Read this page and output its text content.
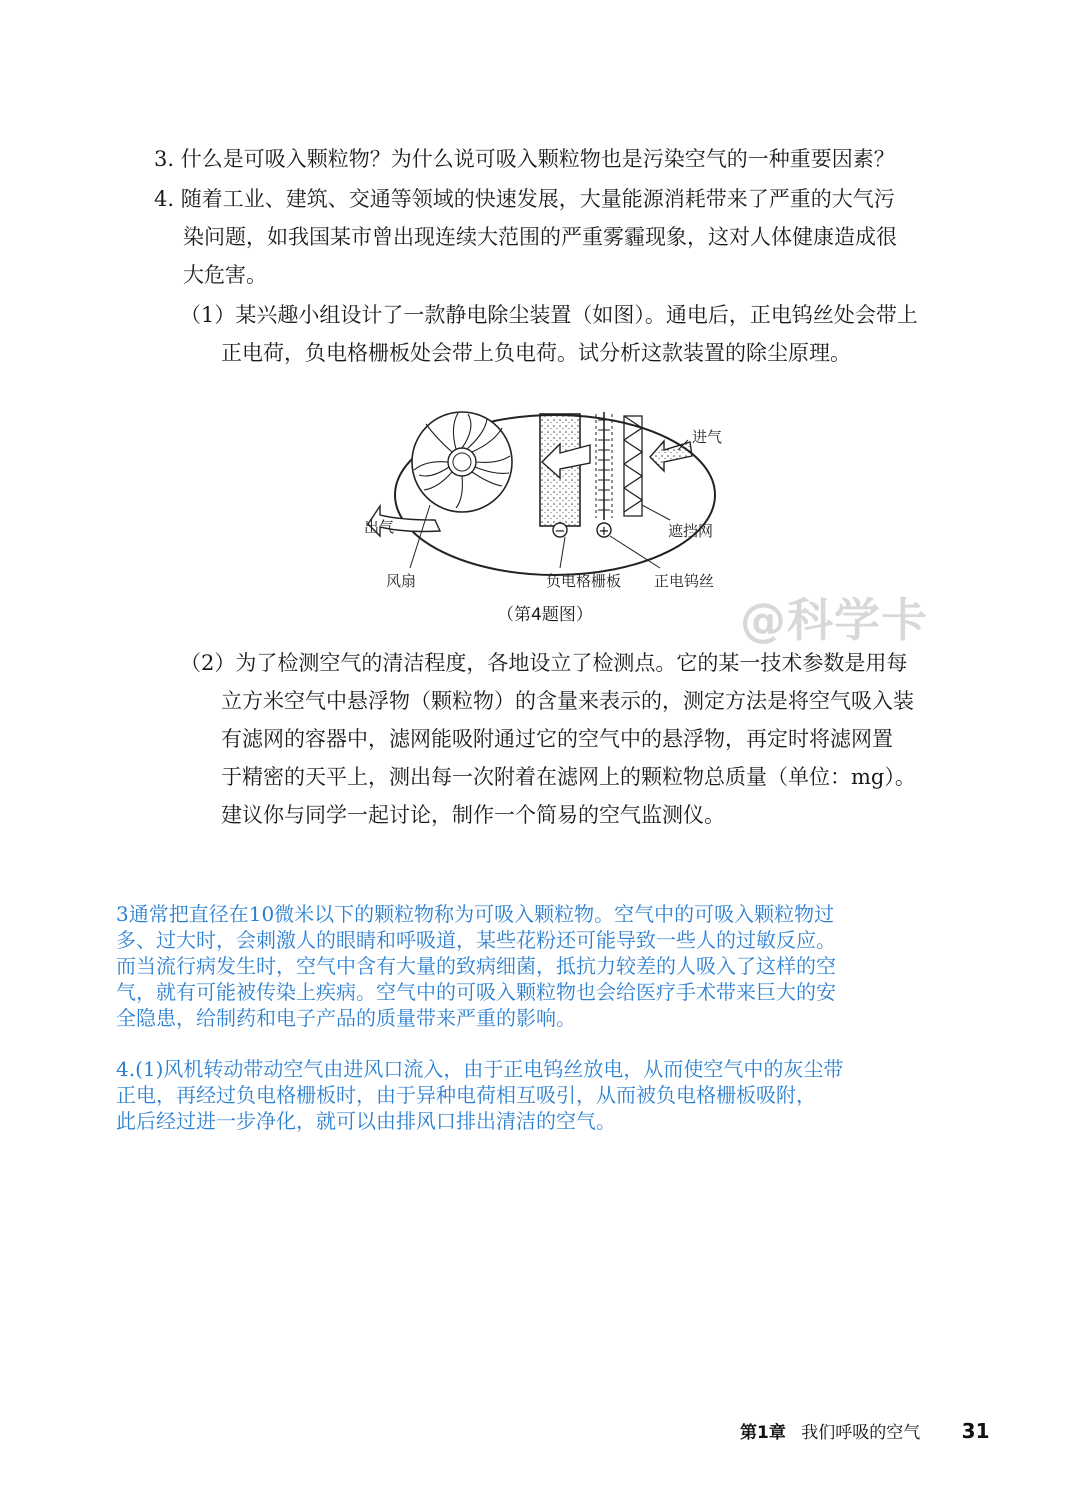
3. 什么是可吸入颗粒物？为什么说可吸入颗粒物也是污染空气的一种重要因素？
4. 随着工业、建筑、交通等领域的快速发展，大量能源消耗带来了严重的大气污
染问题，如我国某市曾出现连续大范围的严重雾霾现象，这对人体健康造成很
大危害。
（1）某兴趣小组设计了一款静电除尘装置（如图）。通电后，正电钨丝处会带上
正电荷，负电格栅板处会带上负电荷。试分析这款装置的除尘原理。
−	+
进气
出气	遮挡网
风扇	负电格栅板 正电钨丝
（第4题图）	@科学卡
（2）为了检测空气的清洁程度，各地设立了检测点。它的某一技术参数是用每
立方米空气中悬浮物（颗粒物）的含量来表示的，测定方法是将空气吸入装
有滤网的容器中，滤网能吸附通过它的空气中的悬浮物，再定时将滤网置
于精密的天平上，测出每一次附着在滤网上的颗粒物总质量（单位：mg）。
建议你与同学一起讨论，制作一个简易的空气监测仪。
3通常把直径在10微米以下的颗粒物称为可吸入颗粒物。空气中的可吸入颗粒物过
多、过大时，会刺激人的眼睛和呼吸道，某些花粉还可能导致一些人的过敏反应。
而当流行病发生时，空气中含有大量的致病细菌，抵抗力较差的人吸入了这样的空
气，就有可能被传染上疾病。空气中的可吸入颗粒物也会给医疗手术带来巨大的安
全隐患，给制药和电子产品的质量带来严重的影响。
4.(1)风机转动带动空气由进风口流入，由于正电钨丝放电，从而使空气中的灰尘带
正电，再经过负电格栅板时，由于异种电荷相互吸引，从而被负电格栅板吸附，
此后经过进一步净化，就可以由排风口排出清洁的空气。
第1章 我们呼吸的空气 31
